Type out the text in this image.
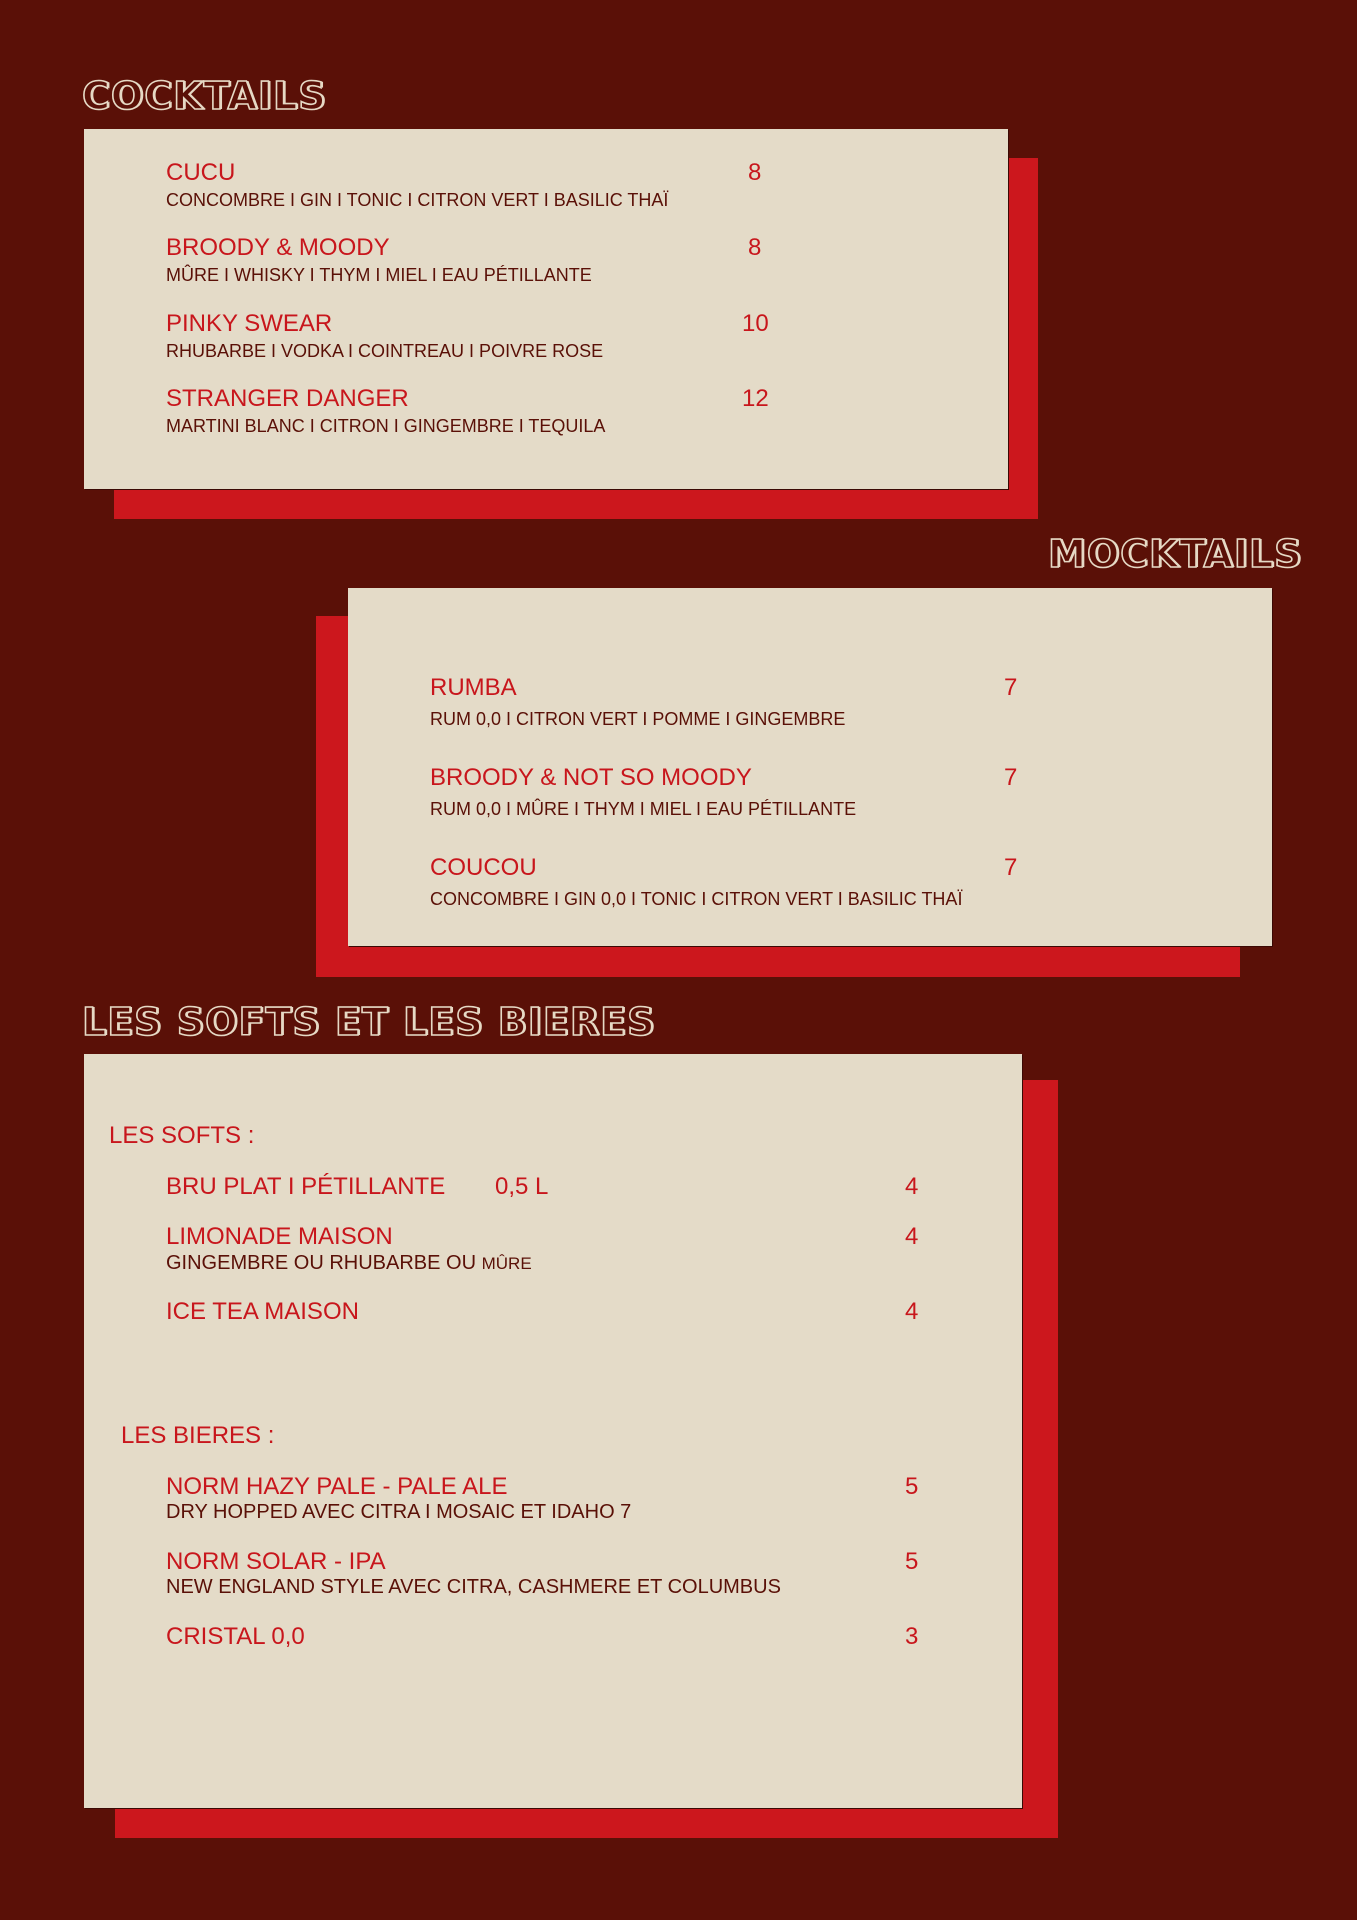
COCKTAILS
CUCU	8
CONCOMBRE I GIN I TONIC I CITRON VERT I BASILIC THAÏ
BROODY & MOODY	8
MÛRE I WHISKY I THYM I MIEL I EAU PÉTILLANTE
PINKY SWEAR	10
RHUBARBE I VODKA I COINTREAU I POIVRE ROSE
STRANGER DANGER	12
MARTINI BLANC I CITRON I GINGEMBRE I TEQUILA
MOCKTAILS
RUMBA	7
RUM 0,0 I CITRON VERT I POMME I GINGEMBRE
BROODY & NOT SO MOODY	7
RUM 0,0 I MÛRE I THYM I MIEL I EAU PÉTILLANTE
COUCOU	7
CONCOMBRE I GIN 0,0 I TONIC I CITRON VERT I BASILIC THAÏ
LES SOFTS ET LES BIERES
LES SOFTS :
BRU PLAT I PÉTILLANTE 0,5 L	4
LIMONADE MAISON	4
GINGEMBRE OU RHUBARBE OU MÛRE
ICE TEA MAISON	4
LES BIERES :
NORM HAZY PALE - PALE ALE	5
DRY HOPPED AVEC CITRA I MOSAIC ET IDAHO 7
NORM SOLAR - IPA	5
NEW ENGLAND STYLE AVEC CITRA, CASHMERE ET COLUMBUS
CRISTAL 0,0	3
